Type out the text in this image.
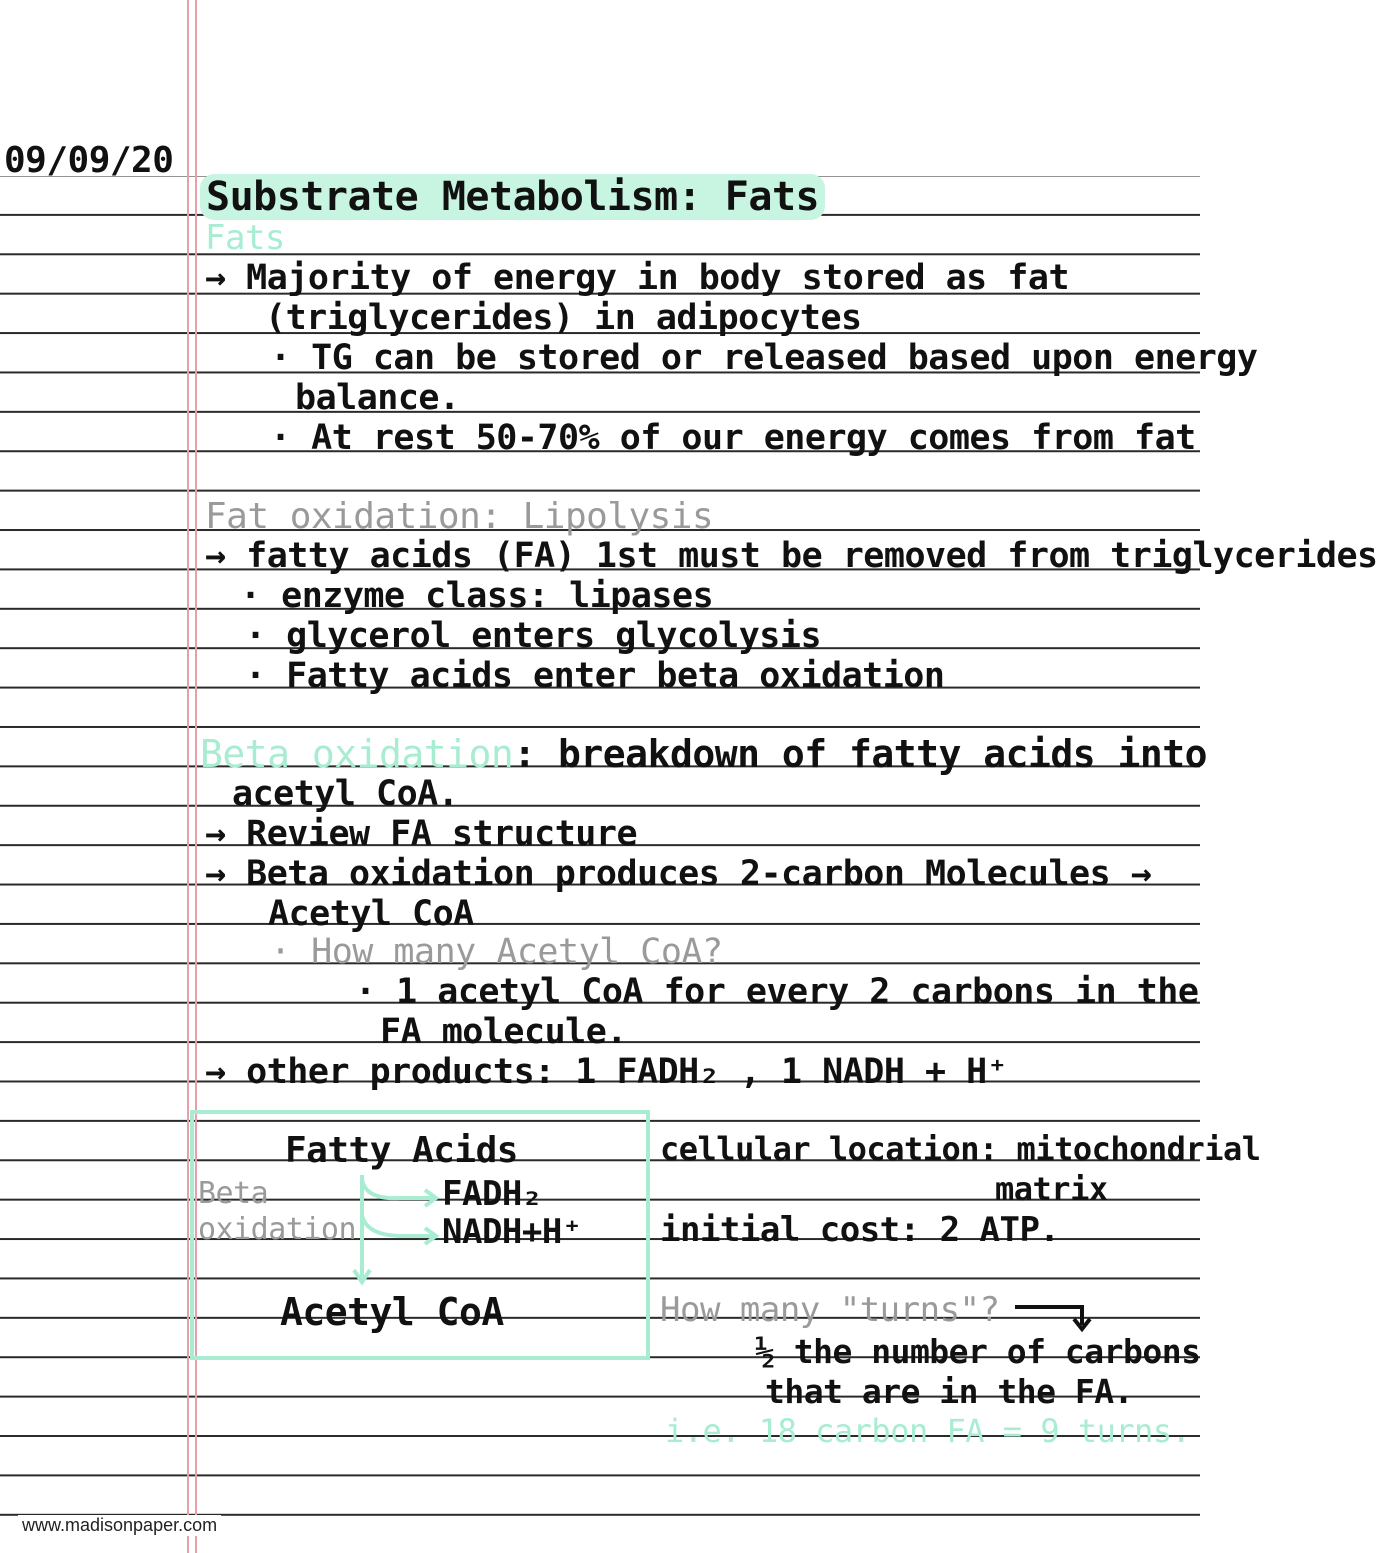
09/09/20
Substrate Metabolism: Fats
Fats
→ Majority of energy in body stored as fat
(triglycerides) in adipocytes
· TG can be stored or released based upon energy
balance.
· At rest 50-70% of our energy comes from fat
Fat oxidation: Lipolysis
→ fatty acids (FA) 1st must be removed from triglycerides
· enzyme class: lipases
· glycerol enters glycolysis
· Fatty acids enter beta oxidation
Beta oxidation: breakdown of fatty acids into
acetyl CoA.
→ Review FA structure
→ Beta oxidation produces 2-carbon Molecules →
Acetyl CoA
· How many Acetyl CoA?
· 1 acetyl CoA for every 2 carbons in the
FA molecule.
→ other products: 1 FADH₂ , 1 NADH + H⁺
Fatty Acids
Beta oxidation
FADH₂
NADH+H⁺
Acetyl CoA
cellular location: mitochondrial
matrix
initial cost: 2 ATP.
How many "turns"?
½ the number of carbons
that are in the FA.
i.e. 18 carbon FA = 9 turns.
www.madisonpaper.com
